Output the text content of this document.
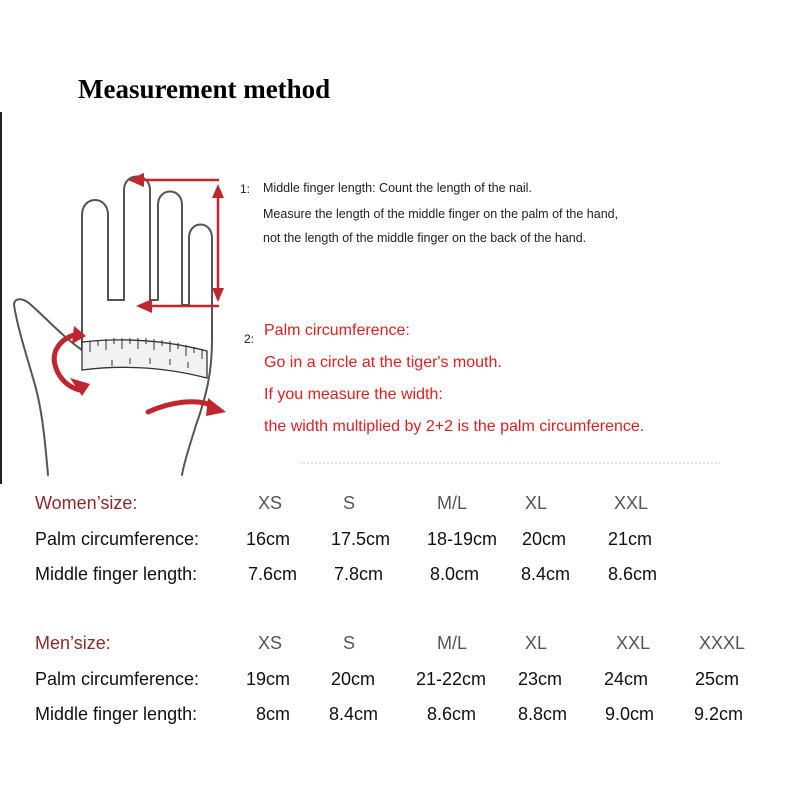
Measurement method
1: Middle finger length: Count the length of the nail.
Measure the length of the middle finger on the palm of the hand,
not the length of the middle finger on the back of the hand.
2: Palm circumference:
Go in a circle at the tiger's mouth.
If you measure the width:
the width multiplied by 2+2 is the palm circumference.
Women’size:	XS	S	M/L	XL	XXL
Palm circumference:	16cm 17.5cm 18-19cm 20cm 21cm
Middle finger length:	7.6cm 7.8cm	8.0cm 8.4cm 8.6cm
Men’size:	XS	S	M/L	XL	XXL	XXXL
Palm circumference:	19cm 20cm 21-22cm 23cm 24cm	25cm
Middle finger length:	8cm 8.4cm	8.6cm 8.8cm 9.0cm 9.2cm
